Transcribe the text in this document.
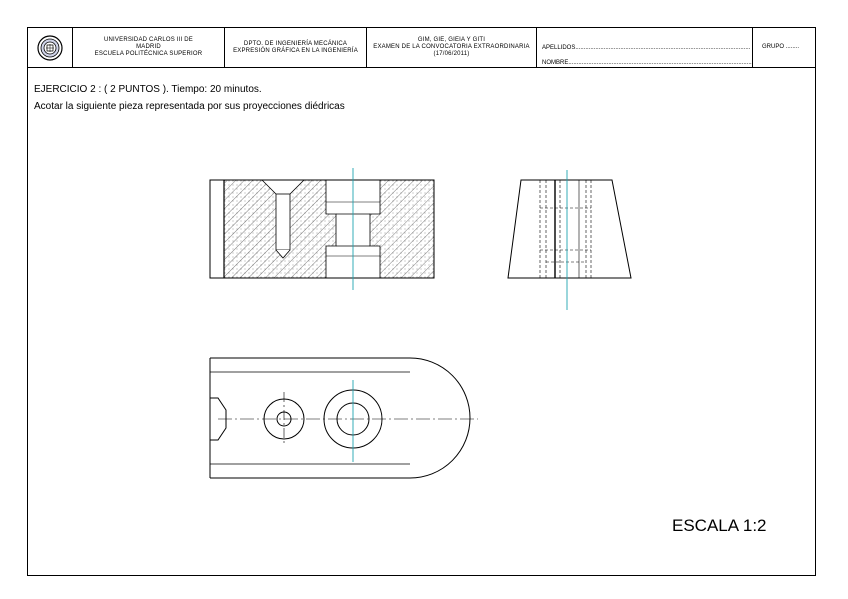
UNIVERSIDAD CARLOS III DE
MADRID
ESCUELA POLITÉCNICA SUPERIOR
DPTO. DE INGENIERÍA MECÁNICA
EXPRESIÓN GRÁFICA EN LA INGENIERÍA
GIM, GIE, GIEIA Y GITI
EXAMEN DE LA CONVOCATORIA EXTRAORDINARIA
(17/06/2011)
APELLIDOS.........................................................................................................
NOMBRE..............................................................................................................
GRUPO ........
EJERCICIO 2 : ( 2 PUNTOS ). Tiempo: 20 minutos.
Acotar la siguiente pieza representada por sus proyecciones diédricas
ESCALA 1:2
